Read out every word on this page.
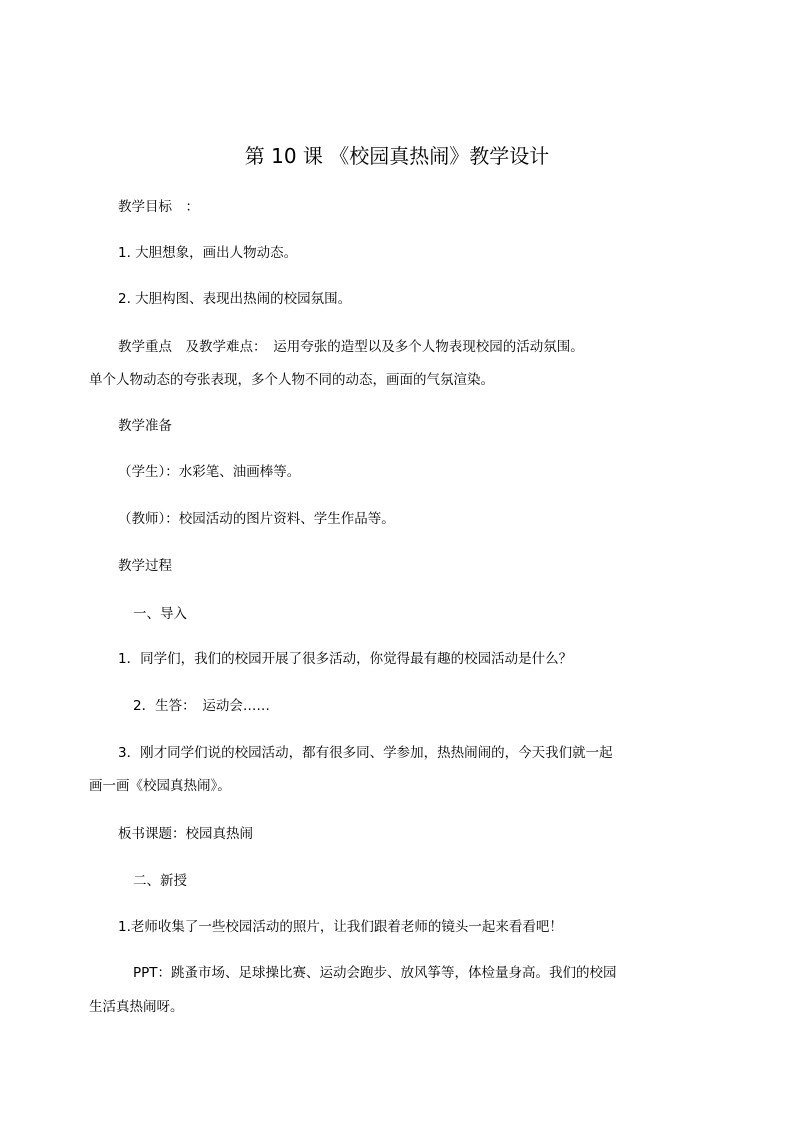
第 10 课 《校园真热闹》教学设计
教学目标　：
1. 大胆想象，画出人物动态。
2. 大胆构图、表现出热闹的校园氛围。
教学重点　及教学难点：　运用夸张的造型以及多个人物表现校园的活动氛围。
单个人物动态的夸张表现，多个人物不同的动态，画面的气氛渲染。
教学准备
（学生）：水彩笔、油画棒等。
（教师）：校园活动的图片资料、学生作品等。
教学过程
一、导入
1．同学们，我们的校园开展了很多活动，你觉得最有趣的校园活动是什么？
2．生答：　运动会……
3．刚才同学们说的校园活动，都有很多同、学参加，热热闹闹的，今天我们就一起
画一画《校园真热闹》。
板书课题：校园真热闹
二、新授
1.老师收集了一些校园活动的照片，让我们跟着老师的镜头一起来看看吧！
PPT：跳蚤市场、足球操比赛、运动会跑步、放风筝等，体检量身高。我们的校园
生活真热闹呀。
